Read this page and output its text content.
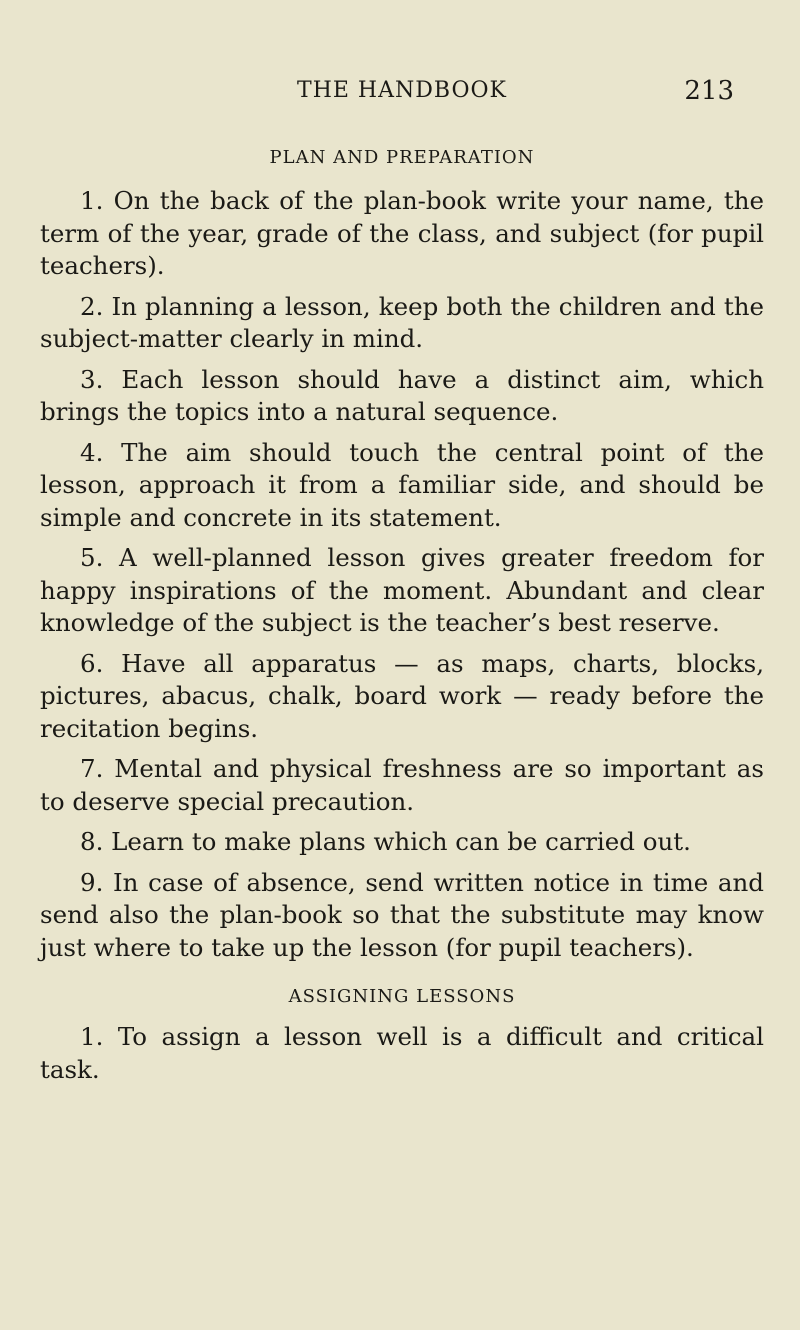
THE HANDBOOK	213
PLAN AND PREPARATION

1. On the back of the plan-book write your name, the term of the year, grade of the class, and subject (for pupil teachers).

2. In planning a lesson, keep both the children and the subject-matter clearly in mind.

3. Each lesson should have a distinct aim, which brings the topics into a natural sequence.

4. The aim should touch the central point of the lesson, approach it from a familiar side, and should be simple and concrete in its statement.

5. A well-planned lesson gives greater freedom for happy inspirations of the moment. Abundant and clear knowledge of the subject is the teacher’s best reserve.

6. Have all apparatus — as maps, charts, blocks, pictures, abacus, chalk, board work — ready before the recitation begins.

7. Mental and physical freshness are so important as to deserve special precaution.

8. Learn to make plans which can be carried out.

9. In case of absence, send written notice in time and send also the plan-book so that the substitute may know just where to take up the lesson (for pupil teachers).

ASSIGNING LESSONS

1. To assign a lesson well is a difficult and critical task.
